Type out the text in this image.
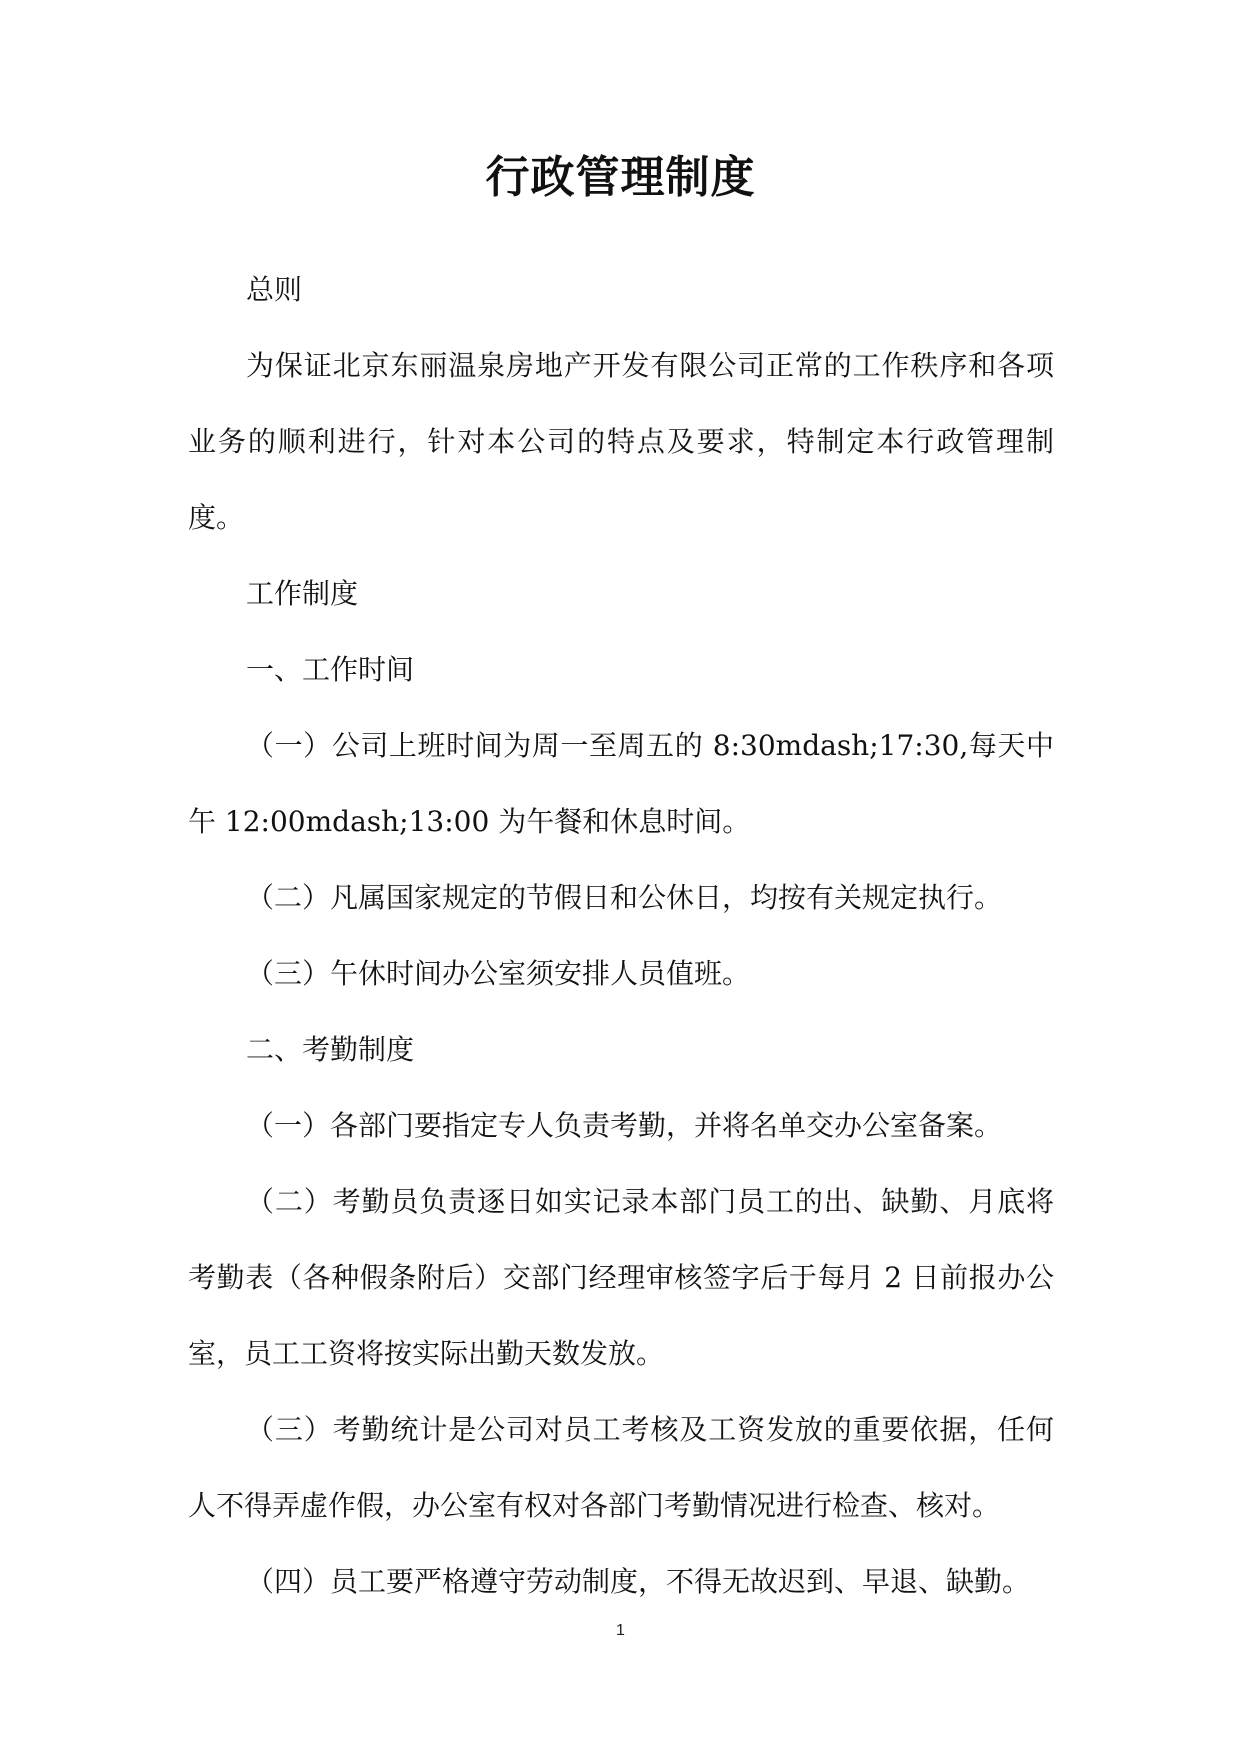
行政管理制度

总则

为保证北京东丽温泉房地产开发有限公司正常的工作秩序和各项业务的顺利进行，针对本公司的特点及要求，特制定本行政管理制度。

工作制度

一、工作时间

（一）公司上班时间为周一至周五的 8:30mdash;17:30,每天中午 12:00mdash;13:00 为午餐和休息时间。

（二）凡属国家规定的节假日和公休日，均按有关规定执行。

（三）午休时间办公室须安排人员值班。

二、考勤制度

（一）各部门要指定专人负责考勤，并将名单交办公室备案。

（二）考勤员负责逐日如实记录本部门员工的出、缺勤、月底将考勤表（各种假条附后）交部门经理审核签字后于每月 2 日前报办公室，员工工资将按实际出勤天数发放。

（三）考勤统计是公司对员工考核及工资发放的重要依据，任何人不得弄虚作假，办公室有权对各部门考勤情况进行检查、核对。

（四）员工要严格遵守劳动制度，不得无故迟到、早退、缺勤。

1
